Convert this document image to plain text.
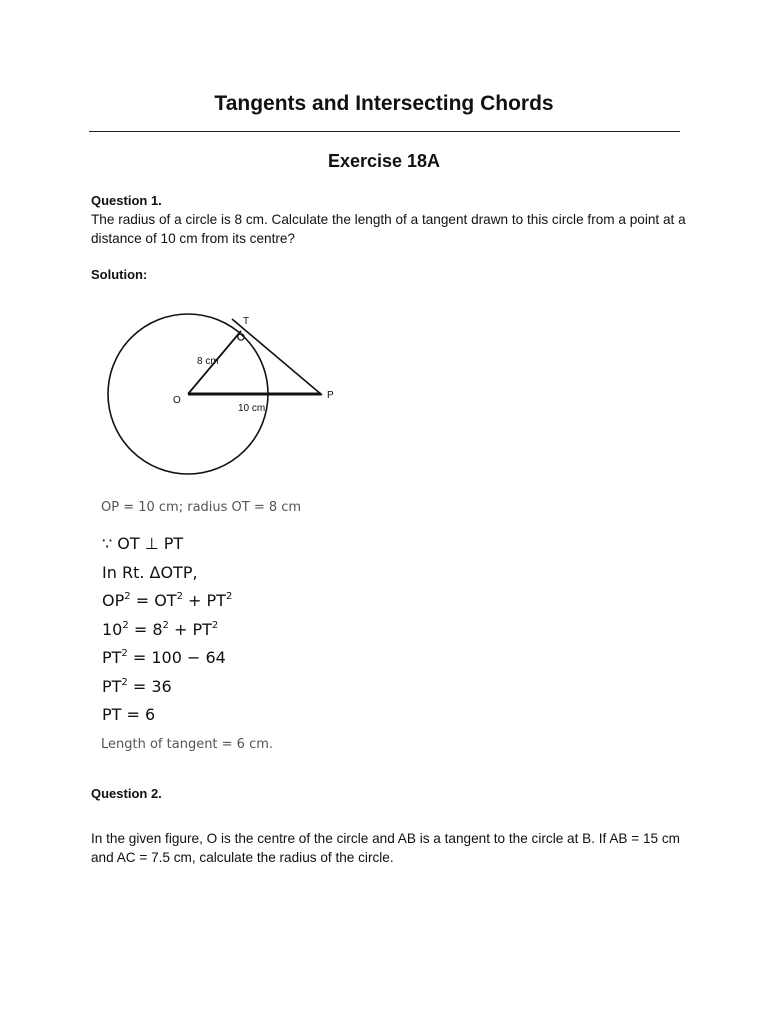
Tangents and Intersecting Chords
Exercise 18A
Question 1.
The radius of a circle is 8 cm. Calculate the length of a tangent drawn to this circle from a point at a distance of 10 cm from its centre?
Solution:
T
O	P
8 cm
10 cm
OP = 10 cm; radius OT = 8 cm
∵ OT ⊥ PT
In Rt. ΔOTP,
$OP^2 = OT^2 + PT^2$
$10^2 = 8^2 + PT^2$
$PT^2 = 100 - 64$
$PT^2 = 36$
PT = 6
Length of tangent = 6 cm.
Question 2.
In the given figure, O is the centre of the circle and AB is a tangent to the circle at B. If AB = 15 cm and AC = 7.5 cm, calculate the radius of the circle.
